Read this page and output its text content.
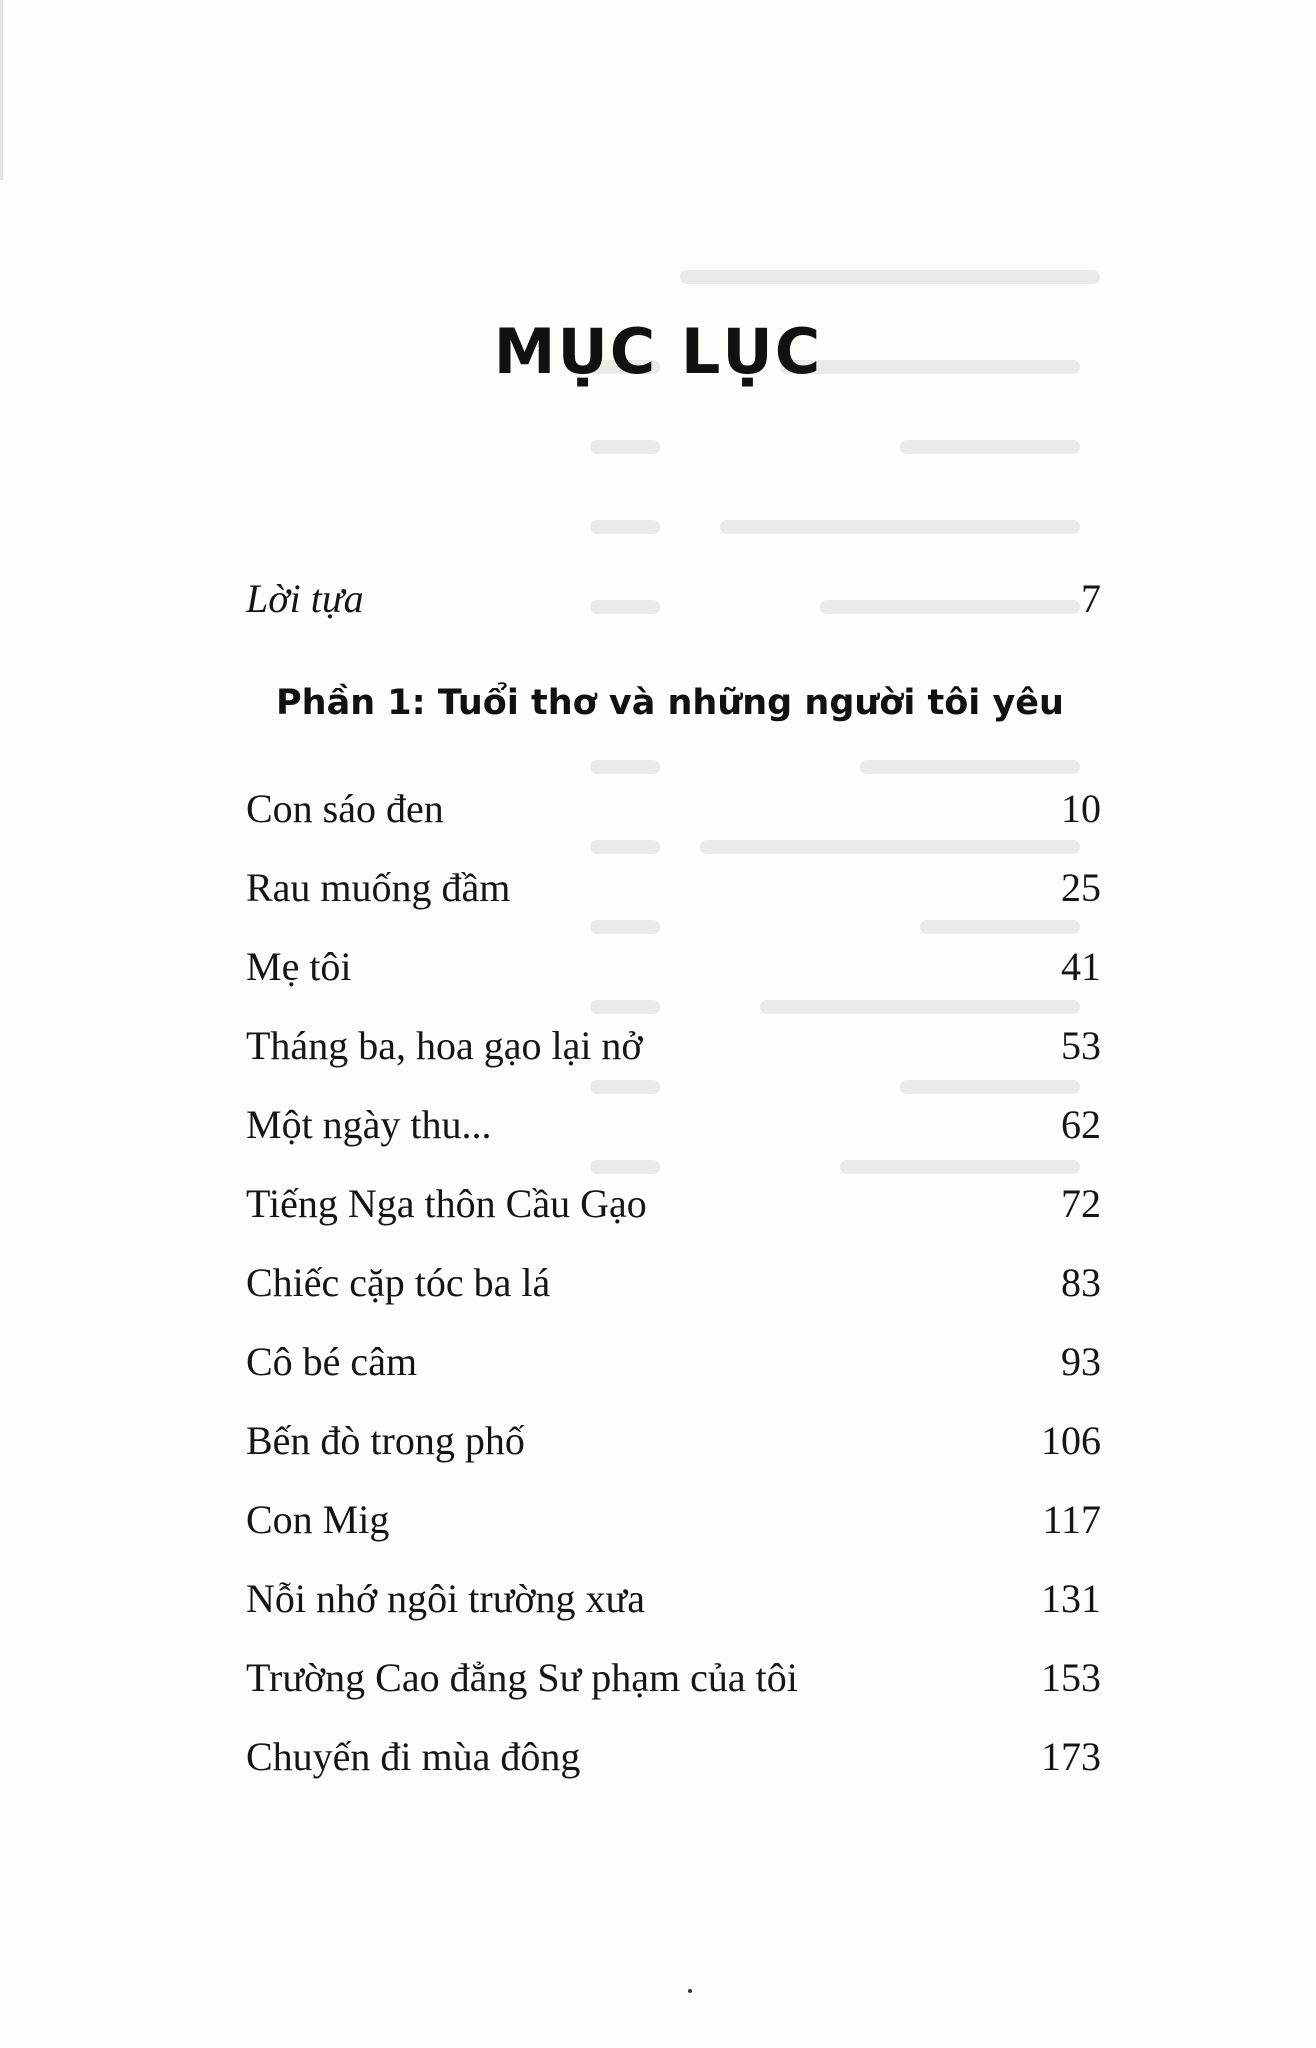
MỤC LỤC
Lời tựa	7
Phần 1: Tuổi thơ và những người tôi yêu
Con sáo đen	10
Rau muống đầm	25
Mẹ tôi	41
Tháng ba, hoa gạo lại nở	53
Một ngày thu...	62
Tiếng Nga thôn Cầu Gạo	72
Chiếc cặp tóc ba lá	83
Cô bé câm	93
Bến đò trong phố	106
Con Mig	117
Nỗi nhớ ngôi trường xưa	131
Trường Cao đẳng Sư phạm của tôi	153
Chuyến đi mùa đông	173
